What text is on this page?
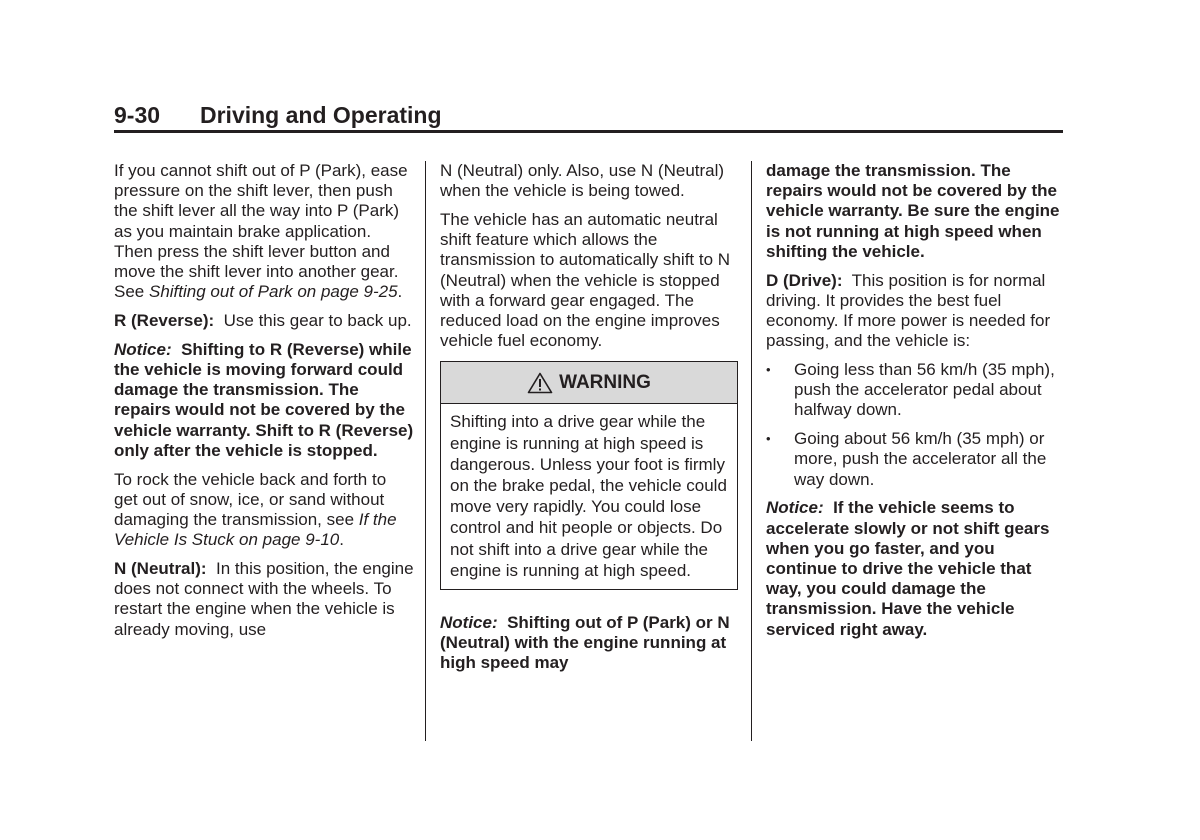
9-30 Driving and Operating

If you cannot shift out of P (Park), ease pressure on the shift lever, then push the shift lever all the way into P (Park) as you maintain brake application. Then press the shift lever button and move the shift lever into another gear. See Shifting out of Park on page 9-25.

R (Reverse): Use this gear to back up.

Notice: Shifting to R (Reverse) while the vehicle is moving forward could damage the transmission. The repairs would not be covered by the vehicle warranty. Shift to R (Reverse) only after the vehicle is stopped.

To rock the vehicle back and forth to get out of snow, ice, or sand without damaging the transmission, see If the Vehicle Is Stuck on page 9-10.

N (Neutral): In this position, the engine does not connect with the wheels. To restart the engine when the vehicle is already moving, use

N (Neutral) only. Also, use N (Neutral) when the vehicle is being towed.

The vehicle has an automatic neutral shift feature which allows the transmission to automatically shift to N (Neutral) when the vehicle is stopped with a forward gear engaged. The reduced load on the engine improves vehicle fuel economy.

WARNING
Shifting into a drive gear while the engine is running at high speed is dangerous. Unless your foot is firmly on the brake pedal, the vehicle could move very rapidly. You could lose control and hit people or objects. Do not shift into a drive gear while the engine is running at high speed.

Notice: Shifting out of P (Park) or N (Neutral) with the engine running at high speed may

damage the transmission. The repairs would not be covered by the vehicle warranty. Be sure the engine is not running at high speed when shifting the vehicle.

D (Drive): This position is for normal driving. It provides the best fuel economy. If more power is needed for passing, and the vehicle is:

•	Going less than 56 km/h (35 mph), push the accelerator pedal about halfway down.
•	Going about 56 km/h (35 mph) or more, push the accelerator all the way down.

Notice: If the vehicle seems to accelerate slowly or not shift gears when you go faster, and you continue to drive the vehicle that way, you could damage the transmission. Have the vehicle serviced right away.
